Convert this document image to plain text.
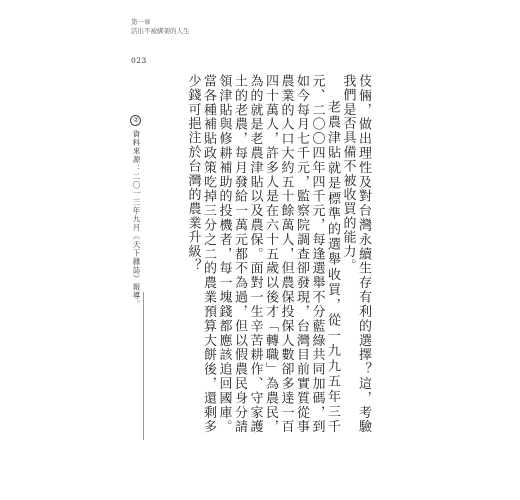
第一章
活出不被綁架的人生
023

伎倆，做出理性及對台灣永續生存有利的選擇？這，考驗我們是否具備不被收買的能力。

老農津貼就是標準的選舉收買，從一九九五年三千元、二〇〇四年四千元，每逢選舉不分藍綠共同加碼，到如今每月七千元，監察院調查卻發現，台灣目前實質從事農業的人口大約五十餘萬人，但農保投保人數卻多達一百四十萬人，許多人是在六十五歲以後才「轉職」為農民，為的就是老農津貼以及農保。面對一生辛苦耕作、守家護土的老農，每月發給一萬元都不為過，但以假農民身分請領津貼與修耕補助的投機者，每一塊錢都應該追回國庫。當各種補貼政策吃掉三分之二的農業預算大餅後，還剩多少錢可挹注於台灣的農業升級？

②資料來源：二〇一三年九月《天下雜誌》報導。
